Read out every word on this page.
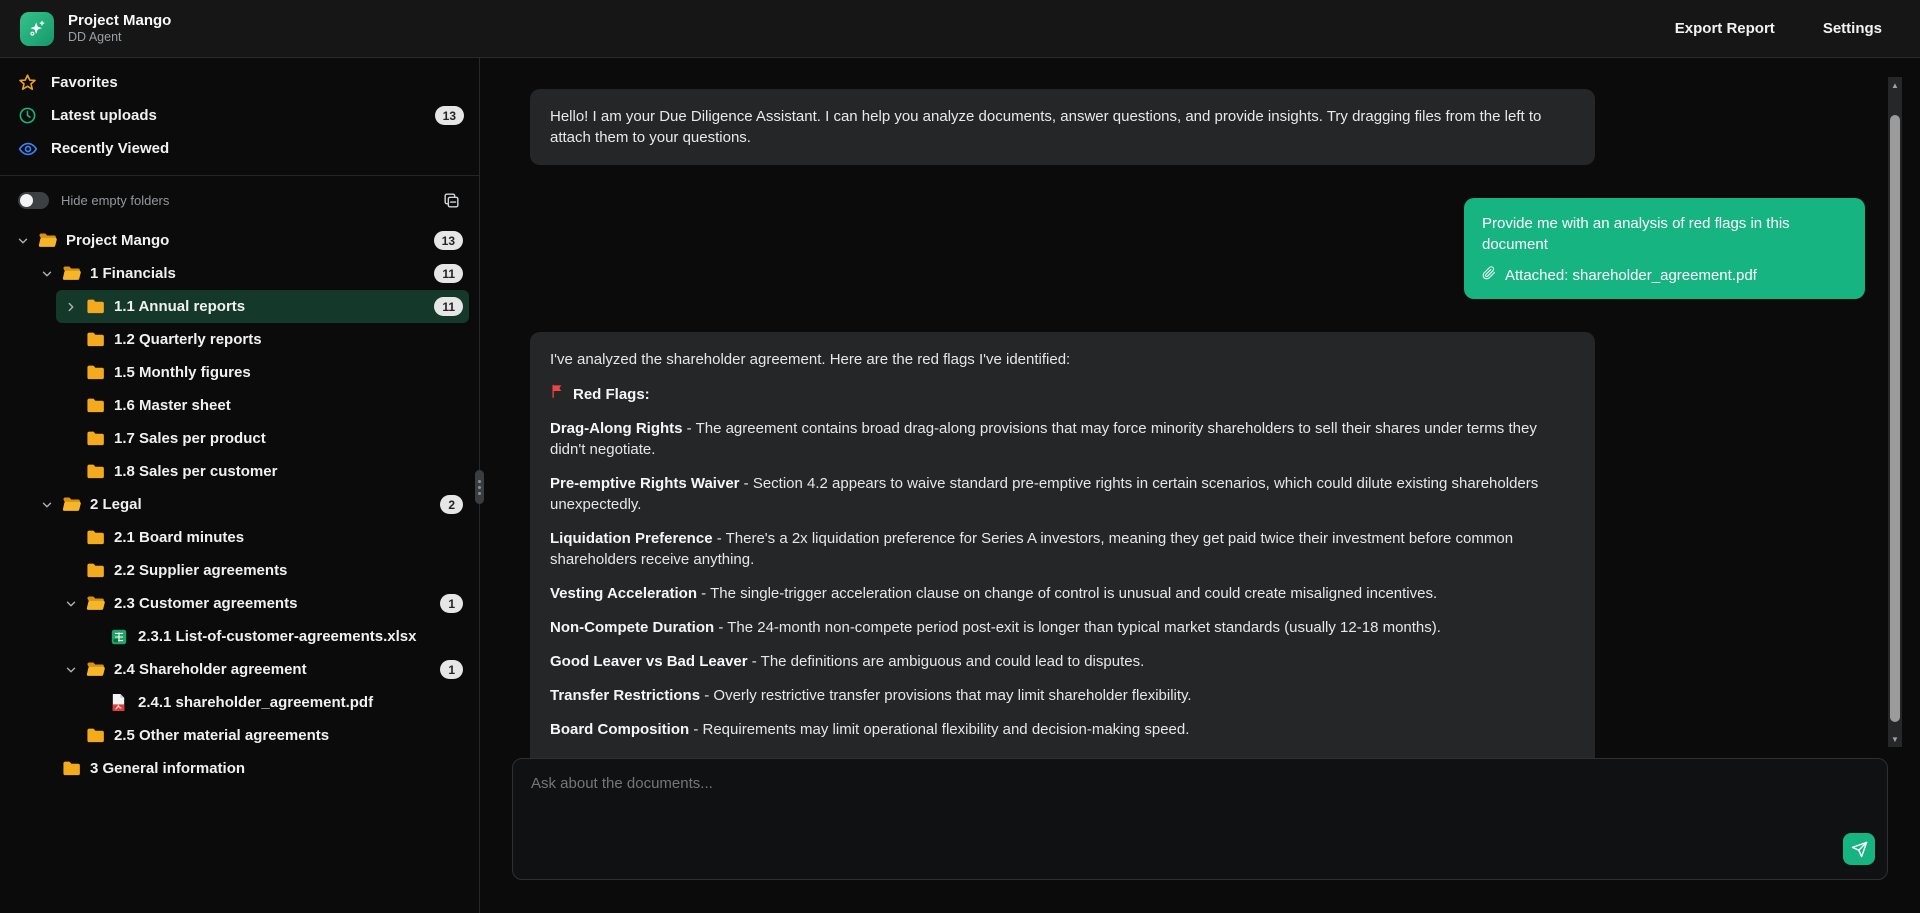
Project Mango
DD Agent	Export Report	Settings
Favorites
Latest uploads	13
Recently Viewed
Hide empty folders
Project Mango	13
1 Financials	11
1.1 Annual reports	11
1.2 Quarterly reports
1.5 Monthly figures
1.6 Master sheet
1.7 Sales per product
1.8 Sales per customer
2 Legal	2
2.1 Board minutes
2.2 Supplier agreements
2.3 Customer agreements	1
2.3.1 List-of-customer-agreements.xlsx
2.4 Shareholder agreement	1
2.4.1 shareholder_agreement.pdf
2.5 Other material agreements
3 General information

Hello! I am your Due Diligence Assistant. I can help you analyze documents, answer questions, and provide insights. Try dragging files from the left to attach them to your questions.

Provide me with an analysis of red flags in this document

Attached: shareholder_agreement.pdf

I've analyzed the shareholder agreement. Here are the red flags I've identified:

Red Flags:

Drag-Along Rights - The agreement contains broad drag-along provisions that may force minority shareholders to sell their shares under terms they didn't negotiate.

Pre-emptive Rights Waiver - Section 4.2 appears to waive standard pre-emptive rights in certain scenarios, which could dilute existing shareholders unexpectedly.

Liquidation Preference - There's a 2x liquidation preference for Series A investors, meaning they get paid twice their investment before common shareholders receive anything.

Vesting Acceleration - The single-trigger acceleration clause on change of control is unusual and could create misaligned incentives.

Non-Compete Duration - The 24-month non-compete period post-exit is longer than typical market standards (usually 12-18 months).

Good Leaver vs Bad Leaver - The definitions are ambiguous and could lead to disputes.

Transfer Restrictions - Overly restrictive transfer provisions that may limit shareholder flexibility.

Board Composition - Requirements may limit operational flexibility and decision-making speed.

Ask about the documents...
▲
▼
